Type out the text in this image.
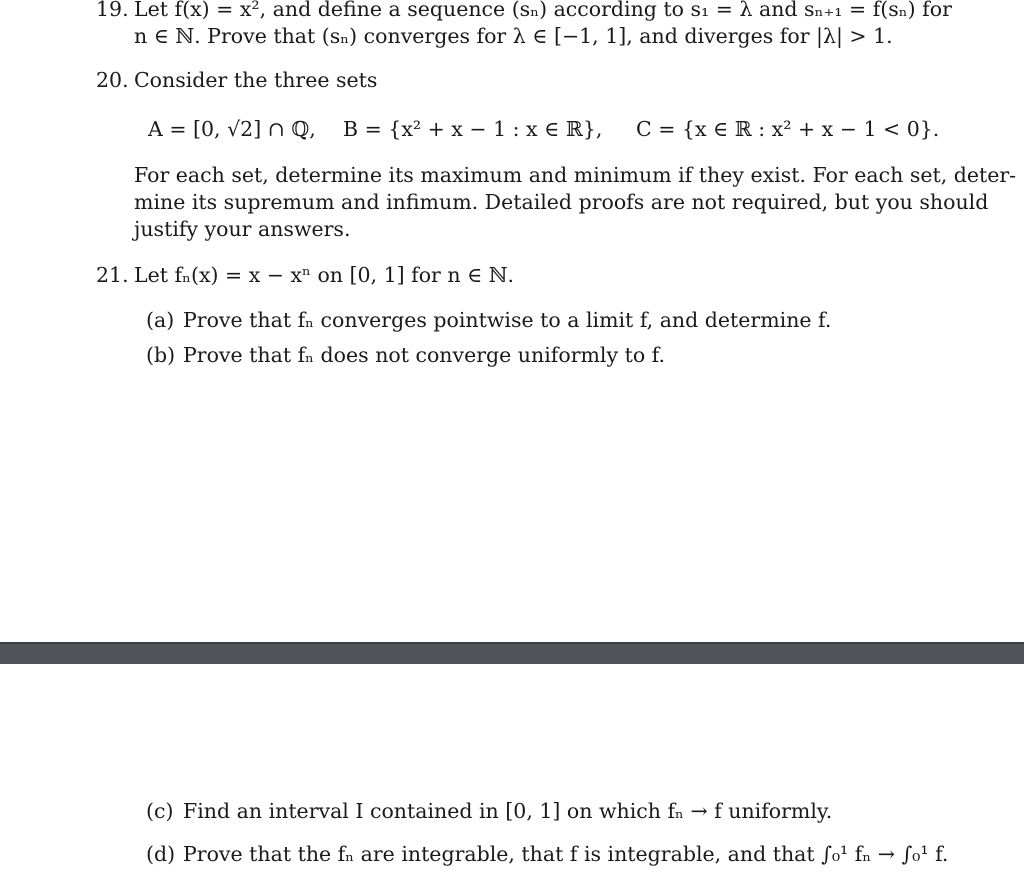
19. Let f(x) = x², and define a sequence (sₙ) according to s₁ = λ and sₙ₊₁ = f(sₙ) for
n ∈ ℕ. Prove that (sₙ) converges for λ ∈ [−1, 1], and diverges for |λ| > 1.
20. Consider the three sets
A = [0, √2] ∩ ℚ, B = {x² + x − 1 : x ∈ ℝ}, C = {x ∈ ℝ : x² + x − 1 < 0}.
For each set, determine its maximum and minimum if they exist. For each set, deter-
mine its supremum and infimum. Detailed proofs are not required, but you should
justify your answers.
21. Let fₙ(x) = x − xⁿ on [0, 1] for n ∈ ℕ.
(a) Prove that fₙ converges pointwise to a limit f, and determine f.
(b) Prove that fₙ does not converge uniformly to f.
(c) Find an interval I contained in [0, 1] on which fₙ → f uniformly.
(d) Prove that the fₙ are integrable, that f is integrable, and that ∫₀¹ fₙ → ∫₀¹ f.
